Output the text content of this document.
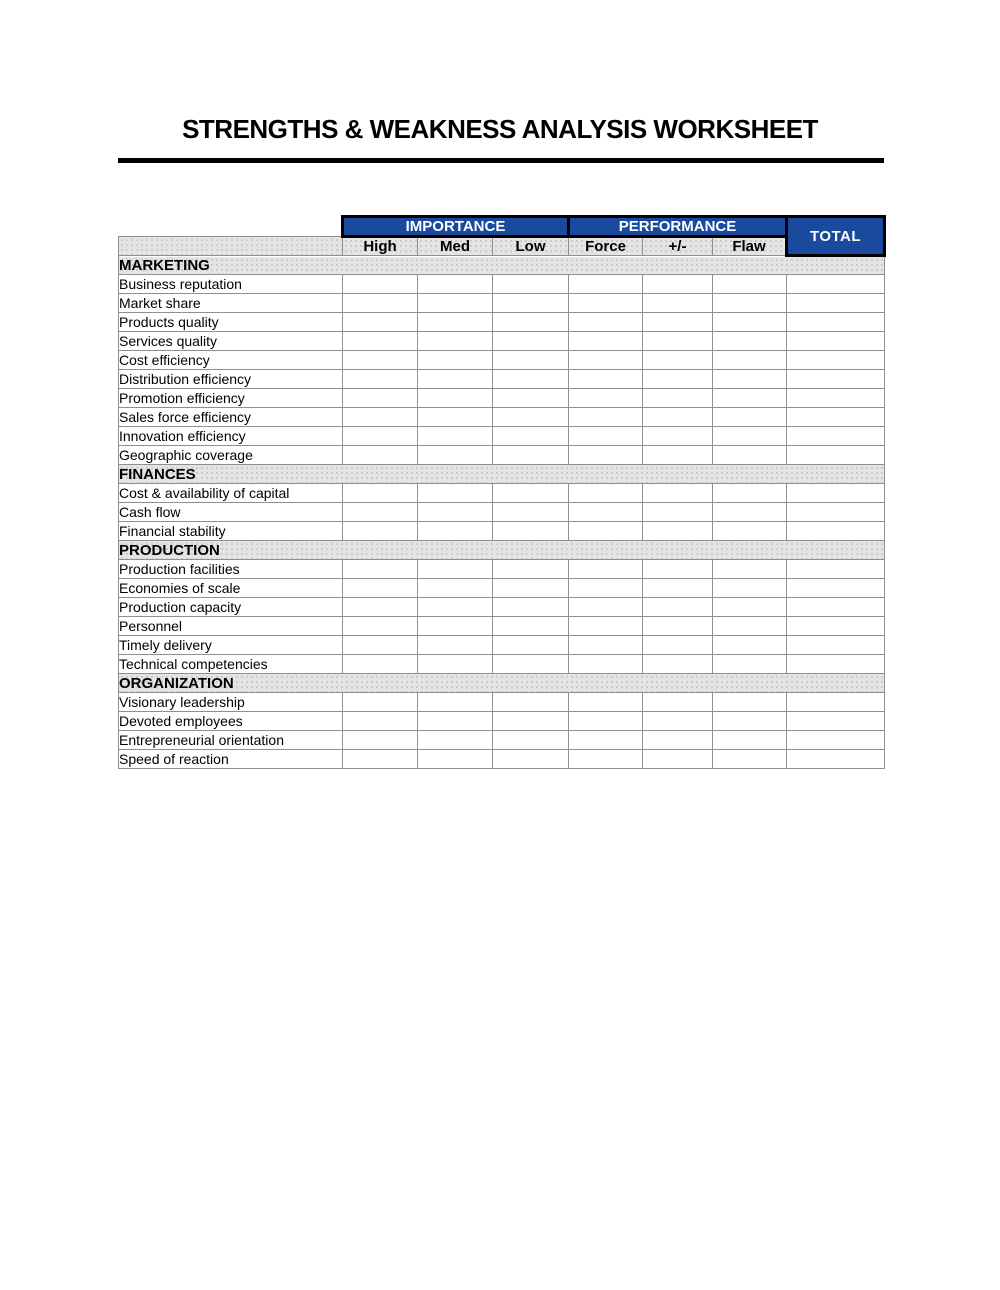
STRENGTHS & WEAKNESS ANALYSIS WORKSHEET
	IMPORTANCE			PERFORMANCE			TOTAL
	High	Med	Low	Force	+/-	Flaw	
MARKETING							
Business reputation							
Market share							
Products quality							
Services quality							
Cost efficiency							
Distribution efficiency							
Promotion efficiency							
Sales force efficiency							
Innovation efficiency							
Geographic coverage							
FINANCES							
Cost & availability of capital							
Cash flow							
Financial stability							
PRODUCTION							
Production facilities							
Economies of scale							
Production capacity							
Personnel							
Timely delivery							
Technical competencies							
ORGANIZATION							
Visionary leadership							
Devoted employees							
Entrepreneurial orientation							
Speed of reaction							
